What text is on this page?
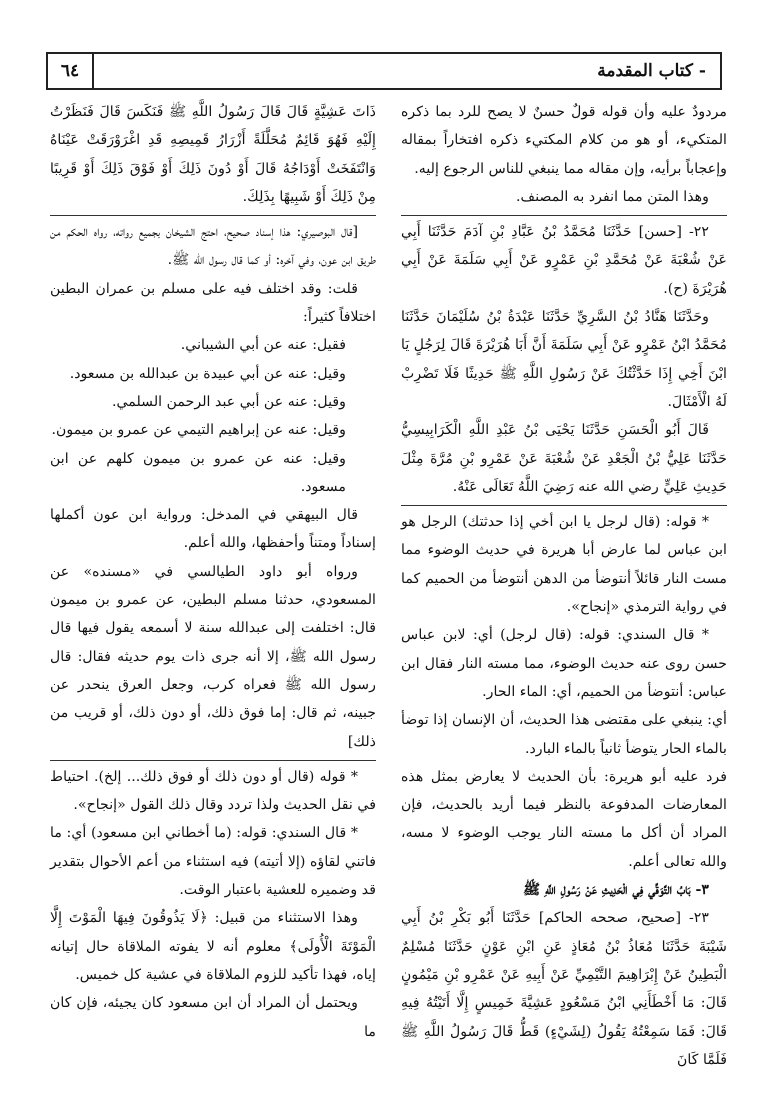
٦٤	- كتاب المقدمة

مردودٌ عليه وأن قوله قولٌ حسنٌ لا يصح للرد بما ذكره المتكيء، أو هو من كلام المكتيء ذكره افتخاراً بمقاله وإعجاباً برأيه، وإن مقاله مما ينبغي للناس الرجوع إليه.

وهذا المتن مما انفرد به المصنف.

٢٢- [حسن] حَدَّثَنَا مُحَمَّدُ بْنُ عَبَّادِ بْنِ آدَمَ حَدَّثَنَا أَبِي عَنْ شُعْبَةَ عَنْ مُحَمَّدِ بْنِ عَمْرٍو عَنْ أَبِي سَلَمَةَ عَنْ أَبِي هُرَيْرَةَ (ح).

وحَدَّثَنَا هَنَّادُ بْنُ السَّرِيِّ حَدَّثَنَا عَبْدَةُ بْنُ سُلَيْمَانَ حَدَّثَنَا مُحَمَّدُ ابْنُ عَمْرٍو عَنْ أَبِي سَلَمَةَ أَنَّ أَبَا هُرَيْرَةَ قَالَ لِرَجُلٍ يَا ابْنَ أَخِي إِذَا حَدَّثْتُكَ عَنْ رَسُولِ اللَّهِ ﷺ حَدِيثًا فَلَا تَضْرِبْ لَهُ الْأَمْثَالَ.

قَالَ أَبُو الْحَسَنِ حَدَّثَنَا يَحْيَى بْنُ عَبْدِ اللَّهِ الْكَرَابِيسِيُّ حَدَّثَنَا عَلِيُّ بْنُ الْجَعْدِ عَنْ شُعْبَةَ عَنْ عَمْرِو بْنِ مُرَّةَ مِثْلَ حَدِيثِ عَلِيٍّ رضي الله عنه رَضِيَ اللَّهُ تَعَالَى عَنْهُ.

* قوله: (قال لرجل يا ابن أخي إذا حدثتك) الرجل هو ابن عباس لما عارض أبا هريرة في حديث الوضوء مما مست النار قائلاً أنتوضأ من الدهن أنتوضأ من الحميم كما في رواية الترمذي «إنجاح».

* قال السندي: قوله: (قال لرجل) أي: لابن عباس حسن روى عنه حديث الوضوء، مما مسته النار فقال ابن عباس: أنتوضأ من الحميم، أي: الماء الحار.

أي: ينبغي على مقتضى هذا الحديث، أن الإنسان إذا توضأ بالماء الحار يتوضأ ثانياً بالماء البارد.

فرد عليه أبو هريرة: بأن الحديث لا يعارض بمثل هذه المعارضات المدفوعة بالنظر فيما أريد بالحديث، فإن المراد أن أكل ما مسته النار يوجب الوضوء لا مسه، والله تعالى أعلم.

٣- بَابُ التَّوَقِّي فِي الْحَدِيثِ عَنْ رَسُولِ اللَّهِ ﷺ

٢٣- [صحيح، صححه الحاكم] حَدَّثَنَا أَبُو بَكْرِ بْنُ أَبِي شَيْبَةَ حَدَّثَنَا مُعَاذُ بْنُ مُعَاذٍ عَنِ ابْنِ عَوْنٍ حَدَّثَنَا مُسْلِمٌ الْبَطِينُ عَنْ إِبْرَاهِيمَ التَّيْمِيِّ عَنْ أَبِيهِ عَنْ عَمْرِو بْنِ مَيْمُونٍ قَالَ: مَا أَخْطَأَنِي ابْنُ مَسْعُودٍ عَشِيَّةَ خَمِيسٍ إِلَّا أَتَيْتُهُ فِيهِ قَالَ: فَمَا سَمِعْتُهُ يَقُولُ (لِشَيْءٍ) قَطُّ قَالَ رَسُولُ اللَّهِ ﷺ فَلَمَّا كَانَ

ذَاتَ عَشِيَّةٍ قَالَ قَالَ رَسُولُ اللَّهِ ﷺ فَنَكَسَ قَالَ فَنَظَرْتُ إِلَيْهِ فَهُوَ قَائِمٌ مُحَلَّلَةً أَزْرَارُ قَمِيصِهِ قَدِ اغْرَوْرَقَتْ عَيْنَاهُ وَانْتَفَخَتْ أَوْدَاجُهُ قَالَ أَوْ دُونَ ذَلِكَ أَوْ فَوْقَ ذَلِكَ أَوْ قَرِيبًا مِنْ ذَلِكَ أَوْ شَبِيهًا بِذَلِكَ.

[قال البوصيري: هذا إسناد صحيح، احتج الشيخان بجميع رواته، رواه الحكم من طريق ابن عون، وفي آخره: أو كما قال رسول الله ﷺ.

قلت: وقد اختلف فيه على مسلم بن عمران البطين اختلافاً كثيراً:

فقيل: عنه عن أبي الشيباني.

وقيل: عنه عن أبي عبيدة بن عبدالله بن مسعود.

وقيل: عنه عن أبي عبد الرحمن السلمي.

وقيل: عنه عن إبراهيم التيمي عن عمرو بن ميمون.

وقيل: عنه عن عمرو بن ميمون كلهم عن ابن مسعود.

قال البيهقي في المدخل: ورواية ابن عون أكملها إسناداً ومتناً وأحفظها، والله أعلم.

ورواه أبو داود الطيالسي في «مسنده» عن المسعودي، حدثنا مسلم البطين، عن عمرو بن ميمون قال: اختلفت إلى عبدالله سنة لا أسمعه يقول فيها قال رسول الله ﷺ، إلا أنه جرى ذات يوم حديثه فقال: قال رسول الله ﷺ فعراه كرب، وجعل العرق ينحدر عن جبينه، ثم قال: إما فوق ذلك، أو دون ذلك، أو قريب من ذلك]

* قوله (قال أو دون ذلك أو فوق ذلك... إلخ). احتياط في نقل الحديث ولذا تردد وقال ذلك القول «إنجاح».

* قال السندي: قوله: (ما أخطاني ابن مسعود) أي: ما فاتني لقاؤه (إلا أتيته) فيه استثناء من أعم الأحوال بتقدير قد وضميره للعشية باعتبار الوقت.

وهذا الاستثناء من قبيل: ﴿لَا يَذُوقُونَ فِيهَا الْمَوْتَ إِلَّا الْمَوْتَةَ الْأُولَى﴾ معلوم أنه لا يفوته الملاقاة حال إتيانه إياه، فهذا تأكيد للزوم الملاقاة في عشية كل خميس.

ويحتمل أن المراد أن ابن مسعود كان يجيئه، فإن كان ما
